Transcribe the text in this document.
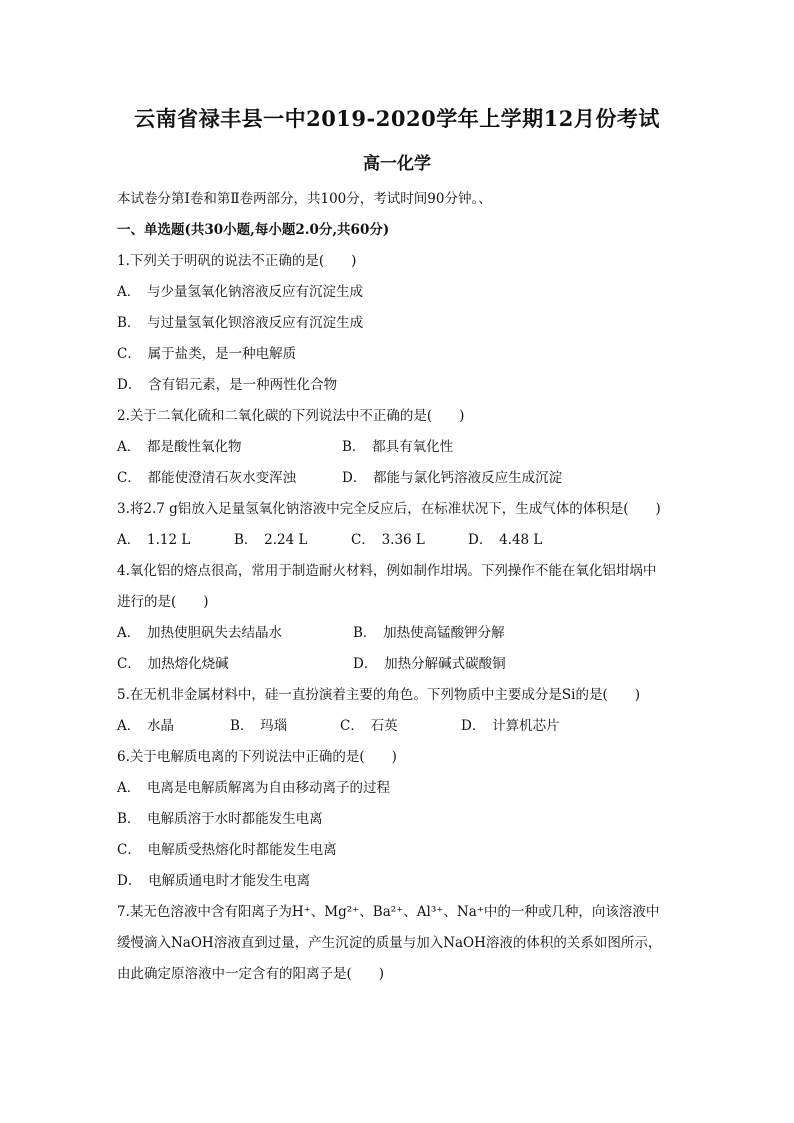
云南省禄丰县一中2019-2020学年上学期12月份考试
高一化学
本试卷分第Ⅰ卷和第Ⅱ卷两部分，共100分，考试时间90分钟。、
一、单选题(共30小题,每小题2.0分,共60分)
1.下列关于明矾的说法不正确的是(　　)
A．　与少量氢氧化钠溶液反应有沉淀生成
B．　与过量氢氧化钡溶液反应有沉淀生成
C．　属于盐类，是一种电解质
D．　含有铝元素，是一种两性化合物
2.关于二氧化硫和二氧化碳的下列说法中不正确的是(　　)
A．　都是酸性氧化物	B．　都具有氧化性
C．　都能使澄清石灰水变浑浊	D．　都能与氯化钙溶液反应生成沉淀
3.将2.7 g铝放入足量氢氧化钠溶液中完全反应后，在标准状况下，生成气体的体积是(　　)
A．　1.12 L	B．　2.24 L	C．　3.36 L	D．　4.48 L
4.氧化铝的熔点很高，常用于制造耐火材料，例如制作坩埚。下列操作不能在氧化铝坩埚中
进行的是(　　)
A．　加热使胆矾失去结晶水	B．　加热使高锰酸钾分解
C．　加热熔化烧碱	D．　加热分解碱式碳酸铜
5.在无机非金属材料中，硅一直扮演着主要的角色。下列物质中主要成分是Si的是(　　)
A．　水晶	B．　玛瑙	C．　石英	D．　计算机芯片
6.关于电解质电离的下列说法中正确的是(　　)
A．　电离是电解质解离为自由移动离子的过程
B．　电解质溶于水时都能发生电离
C．　电解质受热熔化时都能发生电离
D．　电解质通电时才能发生电离
7.某无色溶液中含有阳离子为H⁺、Mg²⁺、Ba²⁺、Al³⁺、Na⁺中的一种或几种，向该溶液中
缓慢滴入NaOH溶液直到过量，产生沉淀的质量与加入NaOH溶液的体积的关系如图所示，
由此确定原溶液中一定含有的阳离子是(　　)
